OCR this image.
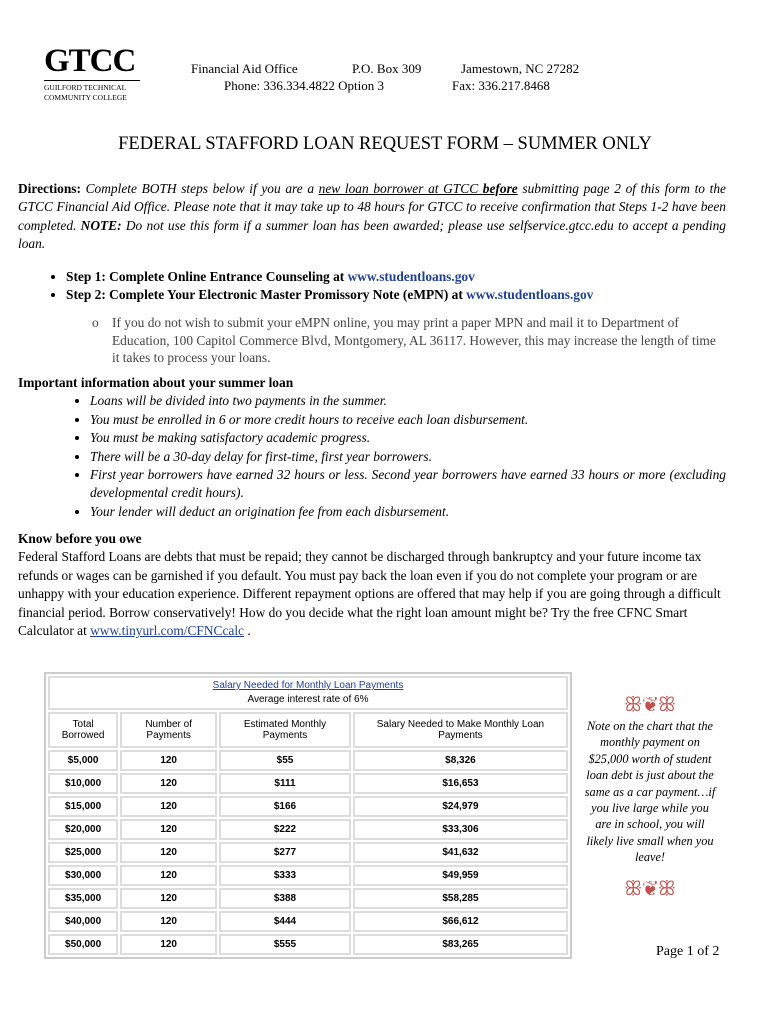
GTCC
GUILFORD TECHNICAL
COMMUNITY COLLEGE
Financial Aid Office	P.O. Box 309	Jamestown, NC 27282
Phone: 336.334.4822 Option 3	Fax: 336.217.8468
FEDERAL STAFFORD LOAN REQUEST FORM – SUMMER ONLY
Directions: Complete BOTH steps below if you are a new loan borrower at GTCC before submitting page 2 of this form to the GTCC Financial Aid Office. Please note that it may take up to 48 hours for GTCC to receive confirmation that Steps 1-2 have been completed. NOTE: Do not use this form if a summer loan has been awarded; please use selfservice.gtcc.edu to accept a pending loan.
• Step 1: Complete Online Entrance Counseling at www.studentloans.gov
• Step 2: Complete Your Electronic Master Promissory Note (eMPN) at www.studentloans.gov
o If you do not wish to submit your eMPN online, you may print a paper MPN and mail it to Department of Education, 100 Capitol Commerce Blvd, Montgomery, AL 36117. However, this may increase the length of time it takes to process your loans.
Important information about your summer loan
• Loans will be divided into two payments in the summer.
• You must be enrolled in 6 or more credit hours to receive each loan disbursement.
• You must be making satisfactory academic progress.
• There will be a 30-day delay for first-time, first year borrowers.
• First year borrowers have earned 32 hours or less. Second year borrowers have earned 33 hours or more (excluding developmental credit hours).
• Your lender will deduct an origination fee from each disbursement.
Know before you owe
Federal Stafford Loans are debts that must be repaid; they cannot be discharged through bankruptcy and your future income tax refunds or wages can be garnished if you default. You must pay back the loan even if you do not complete your program or are unhappy with your education experience. Different repayment options are offered that may help if you are going through a difficult financial period. Borrow conservatively! How do you decide what the right loan amount might be? Try the free CFNC Smart Calculator at www.tinyurl.com/CFNCcalc .
Salary Needed for Monthly Loan Payments
Average interest rate of 6%			
Total Borrowed	Number of Payments	Estimated Monthly Payments	Salary Needed to Make Monthly Loan Payments
$5,000	120	$55	$8,326
$10,000	120	$111	$16,653
$15,000	120	$166	$24,979
$20,000	120	$222	$33,306
$25,000	120	$277	$41,632
$30,000	120	$333	$49,959
$35,000	120	$388	$58,285
$40,000	120	$444	$66,612
$50,000	120	$555	$83,265
ꕥ❦ꕥ
Note on the chart that the monthly payment on $25,000 worth of student loan debt is just about the same as a car payment…if you live large while you are in school, you will likely live small when you leave!
ꕥ❦ꕥ
Page 1 of 2
